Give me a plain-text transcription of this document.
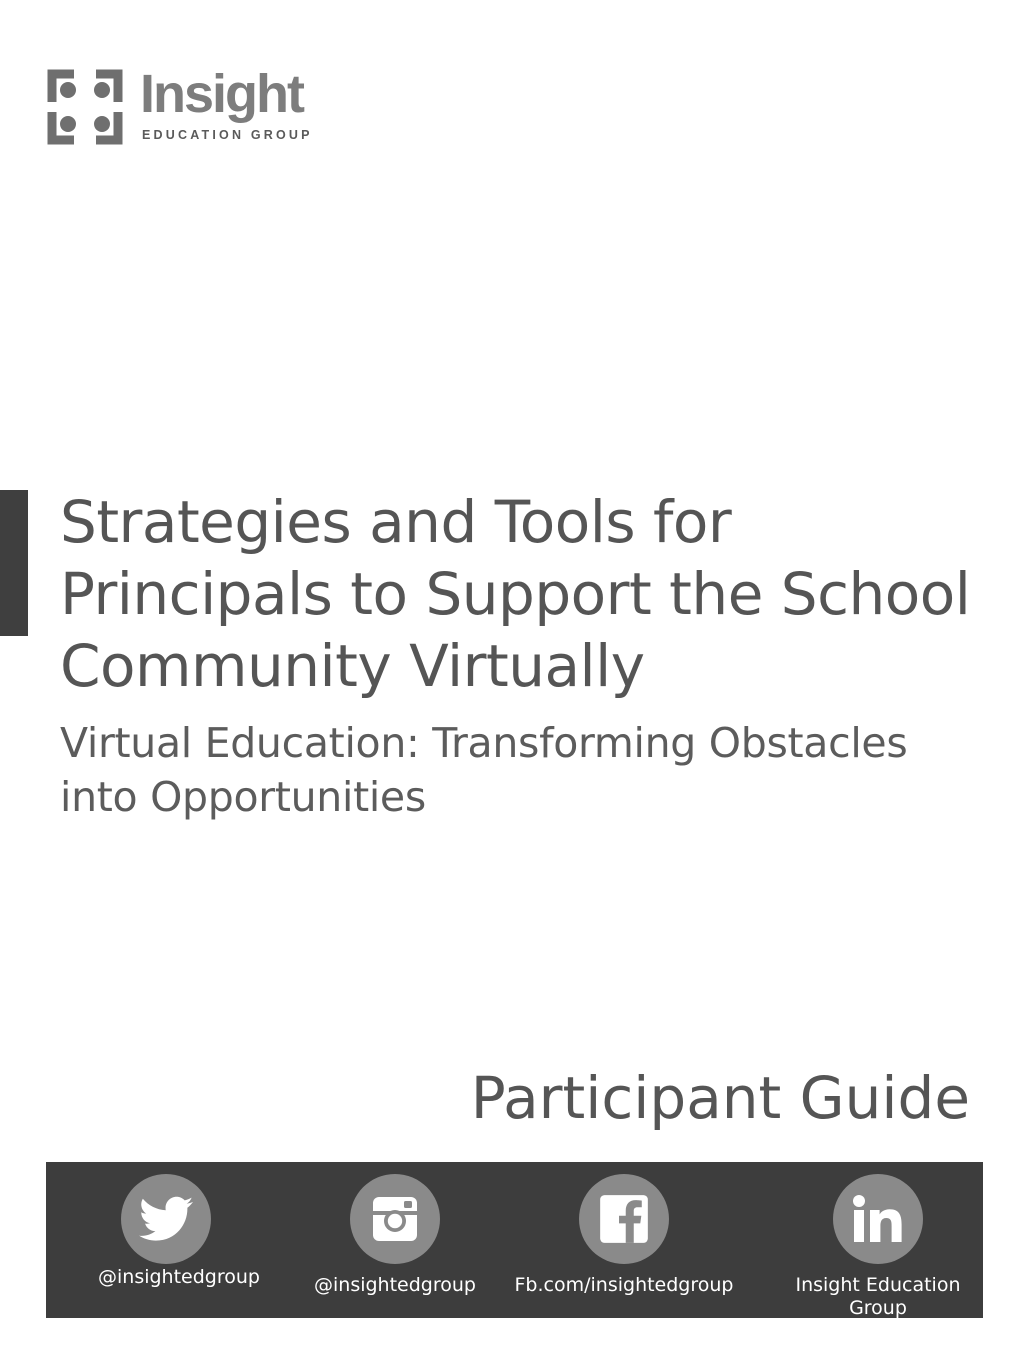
Insight
EDUCATION GROUP
Strategies and Tools for Principals to Support the School Community Virtually
Virtual Education: Transforming Obstacles into Opportunities
Participant Guide
@insightedgroup	@insightedgroup Fb.com/insightedgroup	Insight Education Group
